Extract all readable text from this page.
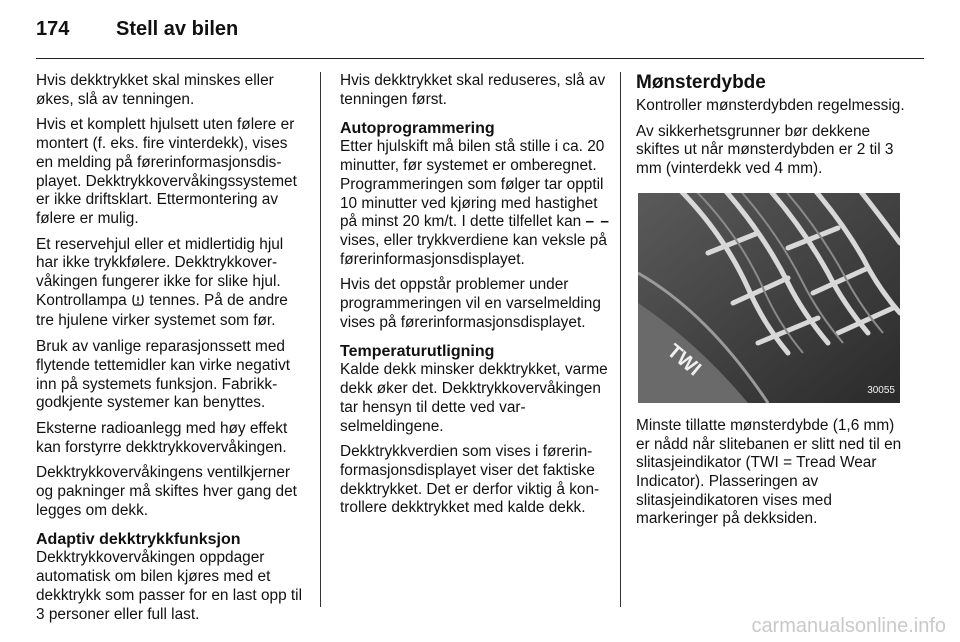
174	Stell av bilen

Hvis dekktrykket skal minskes eller økes, slå av tenningen.

Hvis et komplett hjulsett uten følere er montert (f. eks. fire vinterdekk), vises en melding på førerinformasjonsdisplayet. Dekktrykkovervåkingssystemet er ikke driftsklart. Ettermontering av følere er mulig.

Et reservehjul eller et midlertidig hjul har ikke trykkfølere. Dekktrykkovervåkingen fungerer ikke for slike hjul. Kontrollampa tennes. På de andre tre hjulene virker systemet som før.

Bruk av vanlige reparasjonssett med flytende tettemidler kan virke negativt inn på systemets funksjon. Fabrikkgodkjente systemer kan benyttes.

Eksterne radioanlegg med høy effekt kan forstyrre dekktrykkovervåkingen.

Dekktrykkovervåkingens ventilkjerner og pakninger må skiftes hver gang det legges om dekk.

Adaptiv dekktrykkfunksjon

Dekktrykkovervåkingen oppdager automatisk om bilen kjøres med et dekktrykk som passer for en last opp til 3 personer eller full last.

Hvis dekktrykket skal reduseres, slå av tenningen først.

Autoprogrammering

Etter hjulskift må bilen stå stille i ca. 20 minutter, før systemet er omberegnet. Programmeringen som følger tar opptil 10 minutter ved kjøring med hastighet på minst 20 km/t. I dette tilfellet kan – – vises, eller trykkverdiene kan veksle på førerinformasjonsdisplayet.

Hvis det oppstår problemer under programmeringen vil en varselmelding vises på førerinformasjonsdisplayet.

Temperaturutligning

Kalde dekk minsker dekktrykket, varme dekk øker det. Dekktrykkovervåkingen tar hensyn til dette ved varselmeldingene.

Dekktrykkverdien som vises i førerinformasjonsdisplayet viser det faktiske dekktrykket. Det er derfor viktig å kontrollere dekktrykket med kalde dekk.

Mønsterdybde

Kontroller mønsterdybden regelmessig.

Av sikkerhetsgrunner bør dekkene skiftes ut når mønsterdybden er 2 til 3 mm (vinterdekk ved 4 mm).

TWI
30055

Minste tillatte mønsterdybde (1,6 mm) er nådd når slitebanen er slitt ned til en slitasjeindikator (TWI = Tread Wear Indicator). Plasseringen av slitasjeindikatoren vises med markeringer på dekksiden.

carmanualsonline.info
